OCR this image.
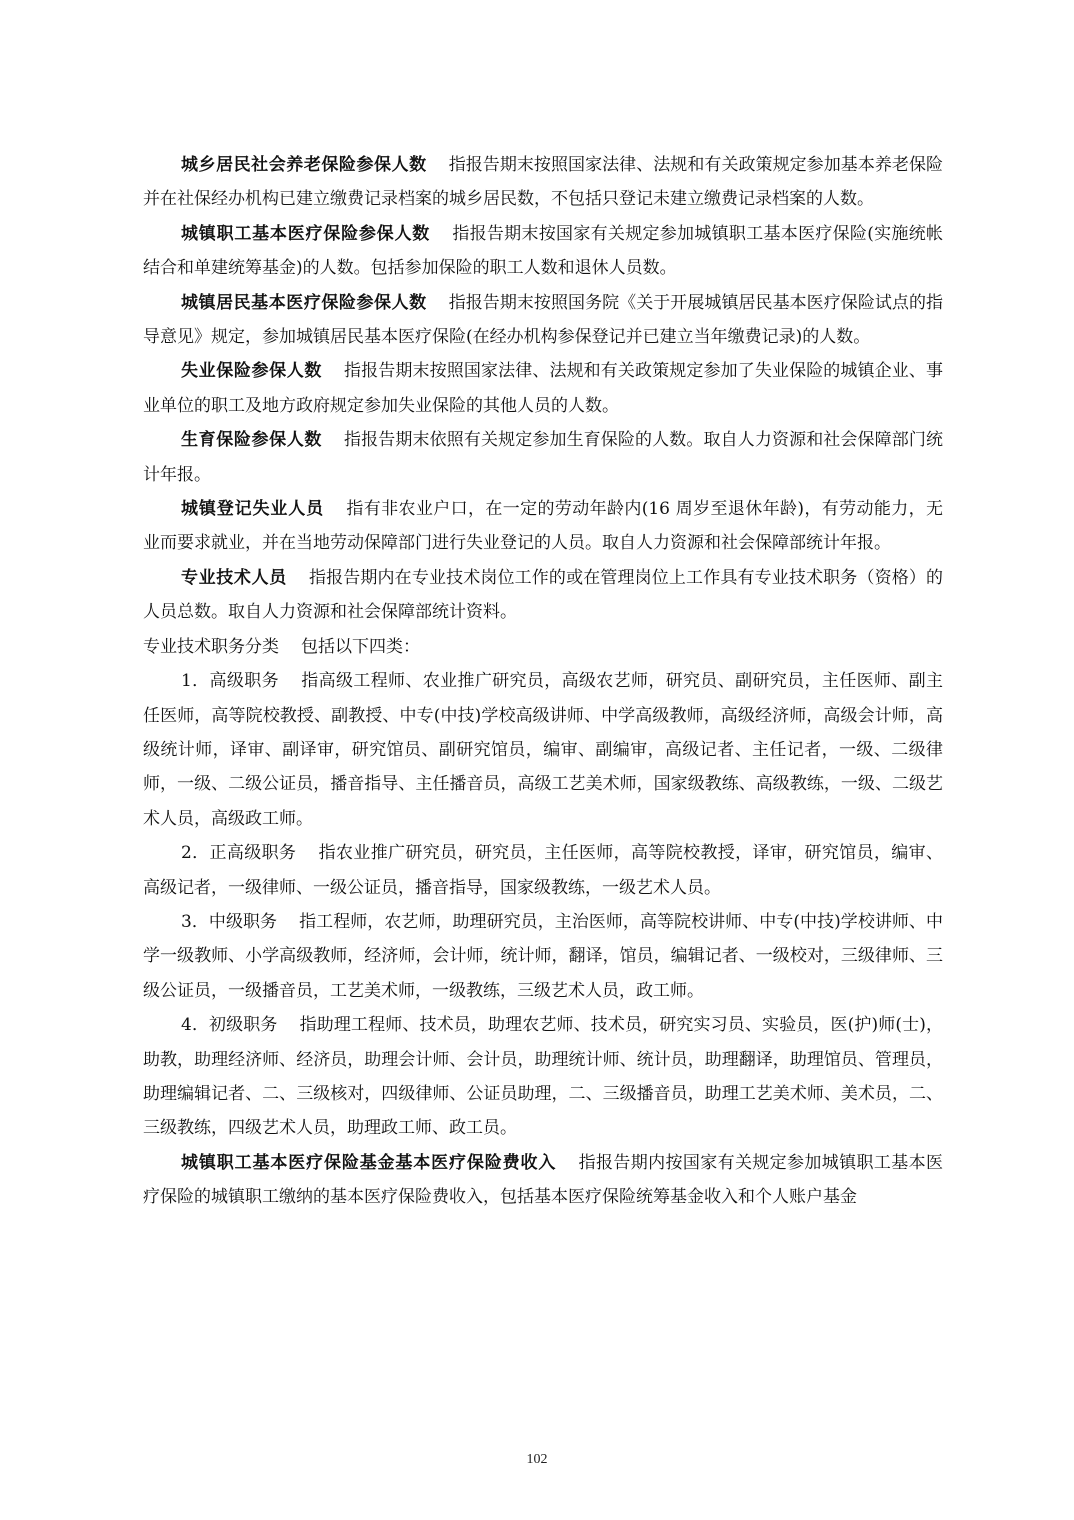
城乡居民社会养老保险参保人数 指报告期末按照国家法律、法规和有关政策规定参加基本养老保险并在社保经办机构已建立缴费记录档案的城乡居民数，不包括只登记未建立缴费记录档案的人数。

城镇职工基本医疗保险参保人数 指报告期末按国家有关规定参加城镇职工基本医疗保险(实施统帐结合和单建统筹基金)的人数。包括参加保险的职工人数和退休人员数。

城镇居民基本医疗保险参保人数 指报告期末按照国务院《关于开展城镇居民基本医疗保险试点的指导意见》规定，参加城镇居民基本医疗保险(在经办机构参保登记并已建立当年缴费记录)的人数。

失业保险参保人数 指报告期末按照国家法律、法规和有关政策规定参加了失业保险的城镇企业、事业单位的职工及地方政府规定参加失业保险的其他人员的人数。

生育保险参保人数 指报告期末依照有关规定参加生育保险的人数。取自人力资源和社会保障部门统计年报。

城镇登记失业人员 指有非农业户口，在一定的劳动年龄内(16 周岁至退休年龄)，有劳动能力，无业而要求就业，并在当地劳动保障部门进行失业登记的人员。取自人力资源和社会保障部统计年报。

专业技术人员 指报告期内在专业技术岗位工作的或在管理岗位上工作具有专业技术职务（资格）的人员总数。取自人力资源和社会保障部统计资料。

专业技术职务分类 包括以下四类：

1．高级职务 指高级工程师、农业推广研究员，高级农艺师，研究员、副研究员，主任医师、副主任医师，高等院校教授、副教授、中专(中技)学校高级讲师、中学高级教师，高级经济师，高级会计师，高级统计师，译审、副译审，研究馆员、副研究馆员，编审、副编审，高级记者、主任记者，一级、二级律师，一级、二级公证员，播音指导、主任播音员，高级工艺美术师，国家级教练、高级教练，一级、二级艺术人员，高级政工师。

2．正高级职务 指农业推广研究员，研究员，主任医师，高等院校教授，译审，研究馆员，编审、高级记者，一级律师、一级公证员，播音指导，国家级教练，一级艺术人员。

3．中级职务 指工程师，农艺师，助理研究员，主治医师，高等院校讲师、中专(中技)学校讲师、中学一级教师、小学高级教师，经济师，会计师，统计师，翻译，馆员，编辑记者、一级校对，三级律师、三级公证员，一级播音员，工艺美术师，一级教练，三级艺术人员，政工师。

4．初级职务 指助理工程师、技术员，助理农艺师、技术员，研究实习员、实验员，医(护)师(士)，助教，助理经济师、经济员，助理会计师、会计员，助理统计师、统计员，助理翻译，助理馆员、管理员，助理编辑记者、二、三级核对，四级律师、公证员助理，二、三级播音员，助理工艺美术师、美术员，二、三级教练，四级艺术人员，助理政工师、政工员。

城镇职工基本医疗保险基金基本医疗保险费收入 指报告期内按国家有关规定参加城镇职工基本医疗保险的城镇职工缴纳的基本医疗保险费收入，包括基本医疗保险统筹基金收入和个人账户基金

102
